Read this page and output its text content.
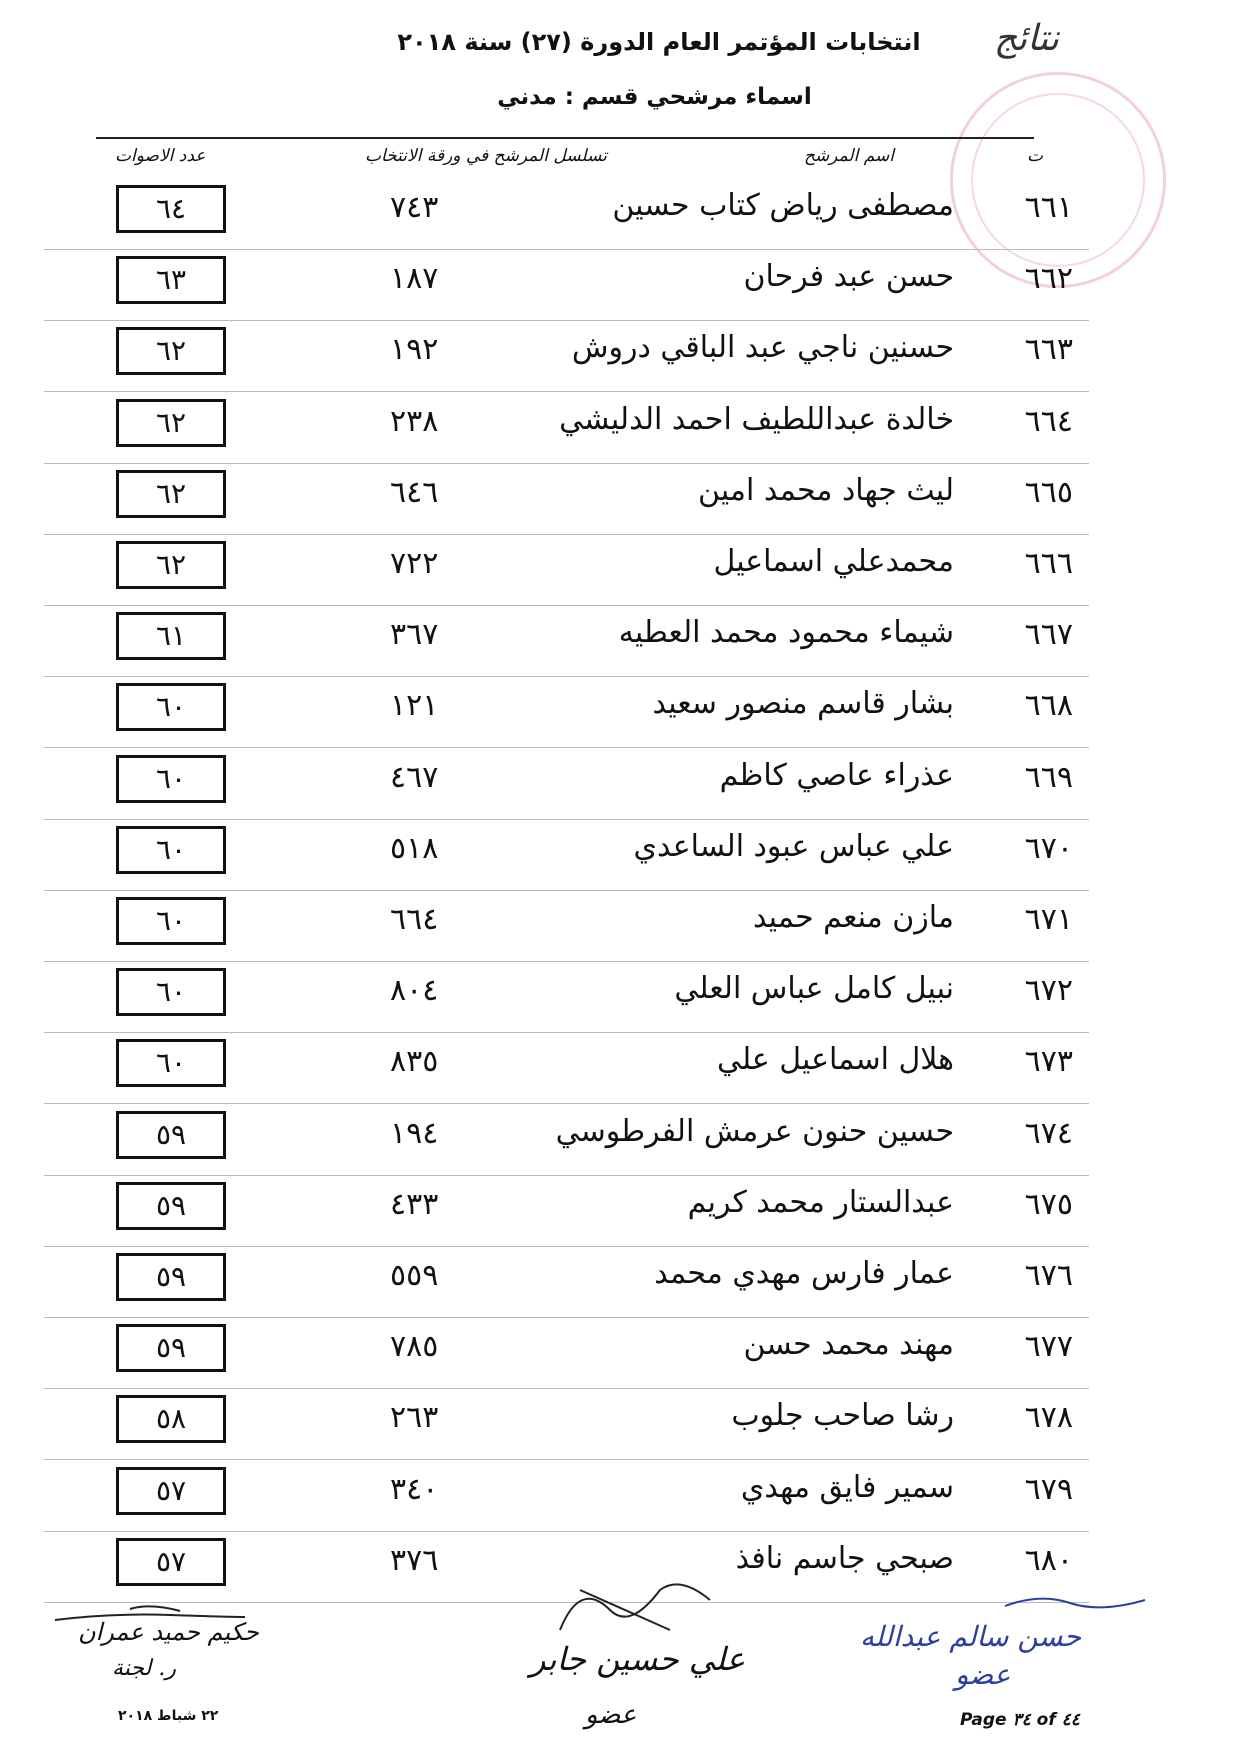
نتائج
انتخابات المؤتمر العام الدورة (٢٧) سنة ٢٠١٨
اسماء مرشحي قسم : مدني
ت
اسم المرشح
تسلسل المرشح في ورقة الانتخاب
عدد الاصوات
٦٦١
مصطفى رياض كتاب حسين
٧٤٣
٦٤
٦٦٢
حسن عبد فرحان
١٨٧
٦٣
٦٦٣
حسنين ناجي عبد الباقي دروش
١٩٢
٦٢
٦٦٤
خالدة عبداللطيف احمد الدليشي
٢٣٨
٦٢
٦٦٥
ليث جهاد محمد امين
٦٤٦
٦٢
٦٦٦
محمدعلي اسماعيل
٧٢٢
٦٢
٦٦٧
شيماء محمود محمد العطيه
٣٦٧
٦١
٦٦٨
بشار قاسم منصور سعيد
١٢١
٦٠
٦٦٩
عذراء عاصي كاظم
٤٦٧
٦٠
٦٧٠
علي عباس عبود الساعدي
٥١٨
٦٠
٦٧١
مازن منعم حميد
٦٦٤
٦٠
٦٧٢
نبيل كامل عباس العلي
٨٠٤
٦٠
٦٧٣
هلال اسماعيل علي
٨٣٥
٦٠
٦٧٤
حسين حنون عرمش الفرطوسي
١٩٤
٥٩
٦٧٥
عبدالستار محمد كريم
٤٣٣
٥٩
٦٧٦
عمار فارس مهدي محمد
٥٥٩
٥٩
٦٧٧
مهند محمد حسن
٧٨٥
٥٩
٦٧٨
رشا صاحب جلوب
٢٦٣
٥٨
٦٧٩
سمير فايق مهدي
٣٤٠
٥٧
٦٨٠
صبحي جاسم نافذ
٣٧٦
٥٧
حكيم حميد عمران
ر. لجنة	علي حسين جابر
عضو
حسن سالم عبدالله
عضو
٢٢ شباط ٢٠١٨	Page ٣٤ of ٤٤
